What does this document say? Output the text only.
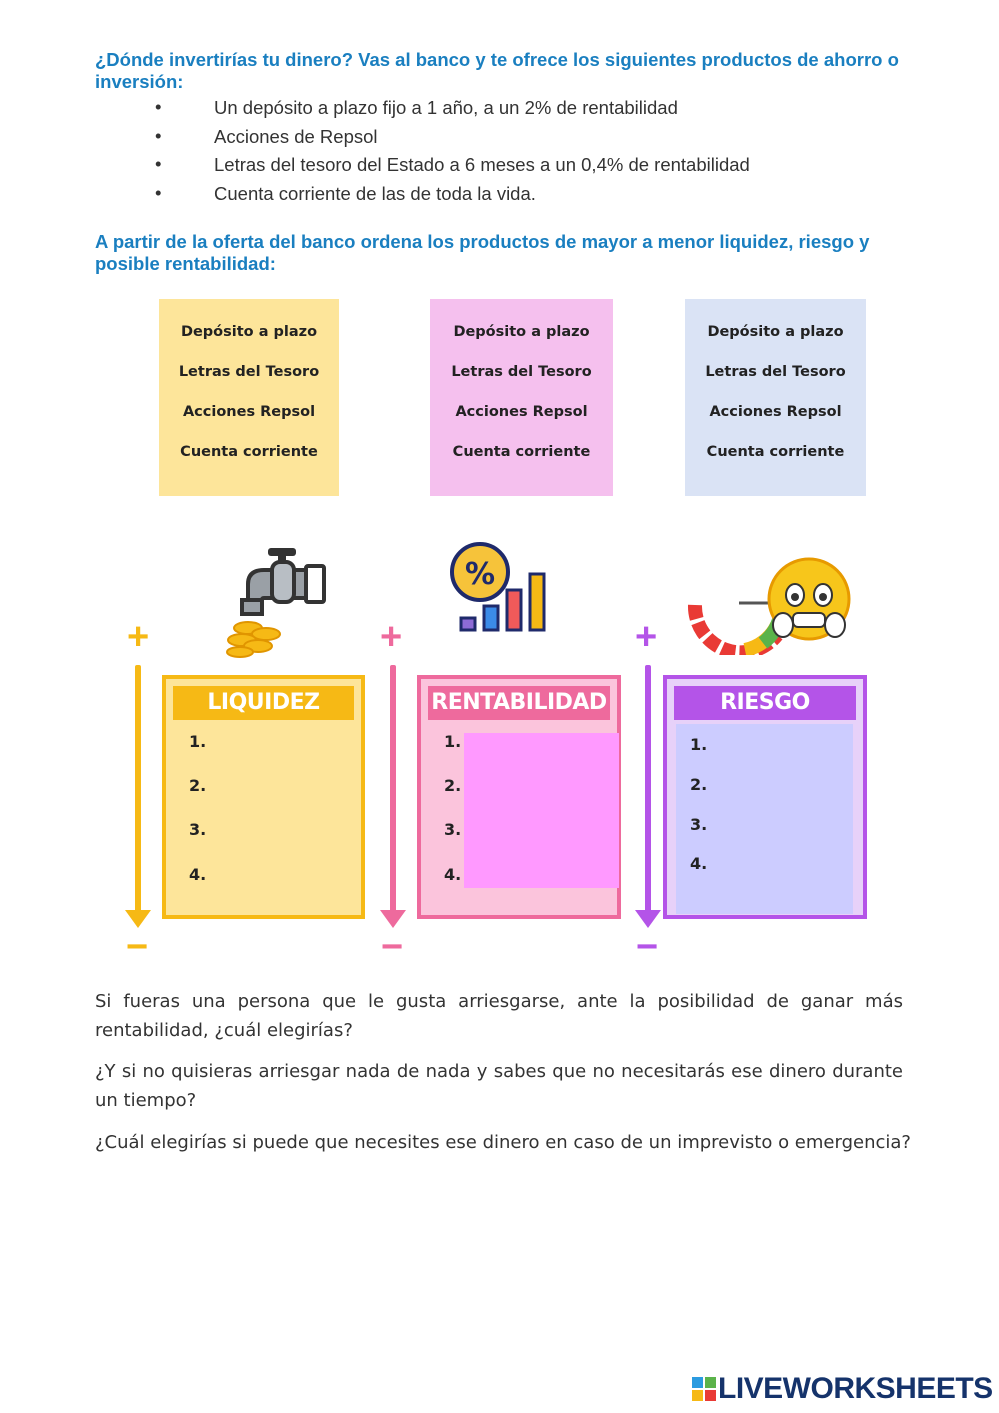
¿Dónde invertirías tu dinero? Vas al banco y te ofrece los siguientes productos de ahorro o inversión:
•	Un depósito a plazo fijo a 1 año, a un 2% de rentabilidad
•	Acciones de Repsol
•	Letras del tesoro del Estado a 6 meses a un 0,4% de rentabilidad
•	Cuenta corriente de las de toda la vida.
A partir de la oferta del banco ordena los productos de mayor a menor liquidez, riesgo y posible rentabilidad:
Depósito a plazo
Letras del Tesoro
Acciones Repsol
Cuenta corriente
Depósito a plazo
Letras del Tesoro
Acciones Repsol
Cuenta corriente
Depósito a plazo
Letras del Tesoro
Acciones Repsol
Cuenta corriente
%
+
−
+
−
+
−
LIQUIDEZ
1.
2.
3.
4.
RENTABILIDAD
1.
2.
3.
4.
RIESGO
1.
2.
3.
4.
Si fueras una persona que le gusta arriesgarse, ante la posibilidad de ganar más rentabilidad, ¿cuál elegirías?
¿Y si no quisieras arriesgar nada de nada y sabes que no necesitarás ese dinero durante un tiempo?
¿Cuál elegirías si puede que necesites ese dinero en caso de un imprevisto o emergencia?
LIVEWORKSHEETS
